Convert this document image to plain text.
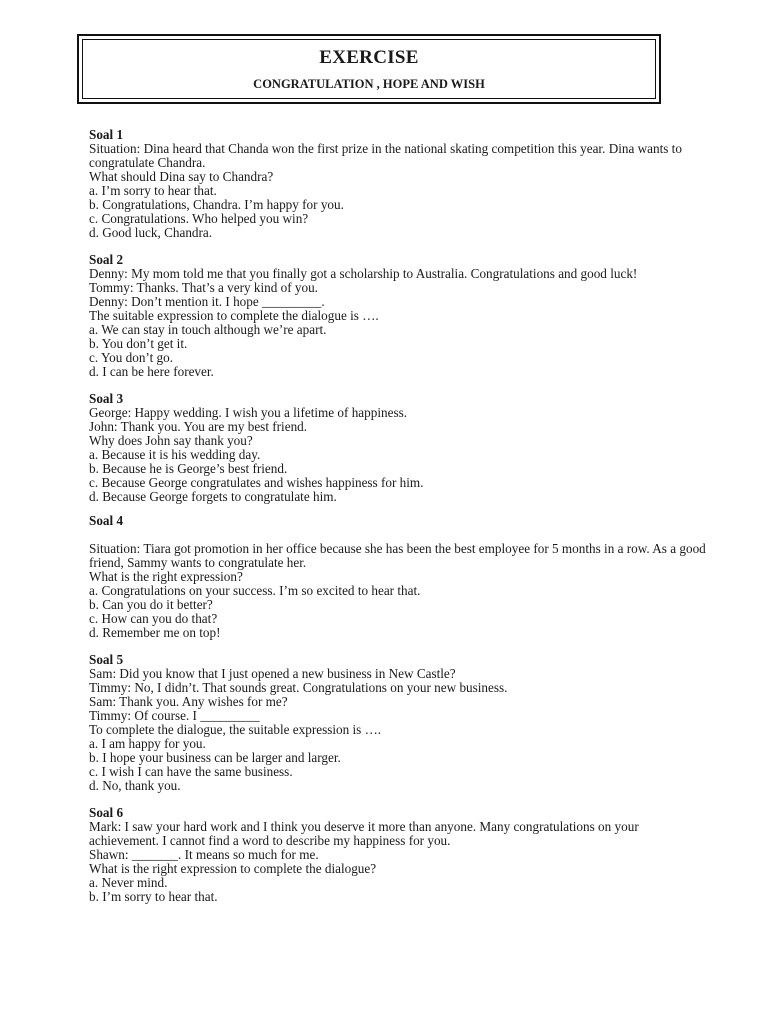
EXERCISE
CONGRATULATION , HOPE AND WISH
Soal 1
Situation: Dina heard that Chanda won the first prize in the national skating competition this year. Dina wants to congratulate Chandra.
What should Dina say to Chandra?
a. I’m sorry to hear that.
b. Congratulations, Chandra. I’m happy for you.
c. Congratulations. Who helped you win?
d. Good luck, Chandra.
Soal 2
Denny: My mom told me that you finally got a scholarship to Australia. Congratulations and good luck!
Tommy: Thanks. That’s a very kind of you.
Denny: Don’t mention it. I hope _________.
The suitable expression to complete the dialogue is ….
a. We can stay in touch although we’re apart.
b. You don’t get it.
c. You don’t go.
d. I can be here forever.
Soal 3
George: Happy wedding. I wish you a lifetime of happiness.
John: Thank you. You are my best friend.
Why does John say thank you?
a. Because it is his wedding day.
b. Because he is George’s best friend.
c. Because George congratulates and wishes happiness for him.
d. Because George forgets to congratulate him.
Soal 4
Situation: Tiara got promotion in her office because she has been the best employee for 5 months in a row. As a good friend, Sammy wants to congratulate her.
What is the right expression?
a. Congratulations on your success. I’m so excited to hear that.
b. Can you do it better?
c. How can you do that?
d. Remember me on top!
Soal 5
Sam: Did you know that I just opened a new business in New Castle?
Timmy: No, I didn’t. That sounds great. Congratulations on your new business.
Sam: Thank you. Any wishes for me?
Timmy: Of course. I _________
To complete the dialogue, the suitable expression is ….
a. I am happy for you.
b. I hope your business can be larger and larger.
c. I wish I can have the same business.
d. No, thank you.
Soal 6
Mark: I saw your hard work and I think you deserve it more than anyone. Many congratulations on your achievement. I cannot find a word to describe my happiness for you.
Shawn: _______. It means so much for me.
What is the right expression to complete the dialogue?
a. Never mind.
b. I’m sorry to hear that.
